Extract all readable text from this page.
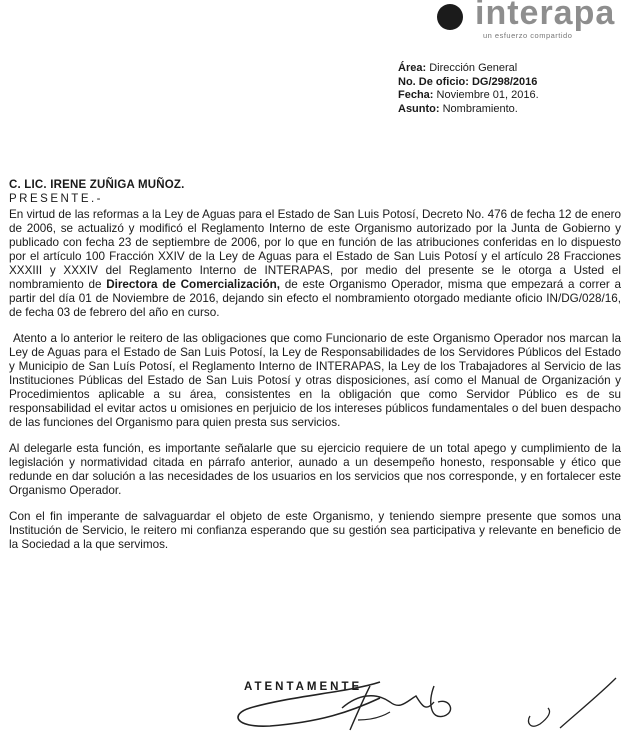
interapa
un esfuerzo compartido
Área: Dirección General
No. De oficio: DG/298/2016
Fecha: Noviembre 01, 2016.
Asunto: Nombramiento.
C. LIC. IRENE ZUÑIGA MUÑOZ.
PRESENTE.-

En virtud de las reformas a la Ley de Aguas para el Estado de San Luis Potosí, Decreto No. 476 de fecha 12 de enero de 2006, se actualizó y modificó el Reglamento Interno de este Organismo autorizado por la Junta de Gobierno y publicado con fecha 23 de septiembre de 2006, por lo que en función de las atribuciones conferidas en lo dispuesto por el artículo 100 Fracción XXIV de la Ley de Aguas para el Estado de San Luis Potosí y el artículo 28 Fracciones XXXIII y XXXIV del Reglamento Interno de INTERAPAS, por medio del presente se le otorga a Usted el nombramiento de Directora de Comercialización, de este Organismo Operador, misma que empezará a correr a partir del día 01 de Noviembre de 2016, dejando sin efecto el nombramiento otorgado mediante oficio IN/DG/028/16, de fecha 03 de febrero del año en curso.

Atento a lo anterior le reitero de las obligaciones que como Funcionario de este Organismo Operador nos marcan la Ley de Aguas para el Estado de San Luis Potosí, la Ley de Responsabilidades de los Servidores Públicos del Estado y Municipio de San Luís Potosí, el Reglamento Interno de INTERAPAS, la Ley de los Trabajadores al Servicio de las Instituciones Públicas del Estado de San Luis Potosí y otras disposiciones, así como el Manual de Organización y Procedimientos aplicable a su área, consistentes en la obligación que como Servidor Público es de su responsabilidad el evitar actos u omisiones en perjuicio de los intereses públicos fundamentales o del buen despacho de las funciones del Organismo para quien presta sus servicios.

Al delegarle esta función, es importante señalarle que su ejercicio requiere de un total apego y cumplimiento de la legislación y normatividad citada en párrafo anterior, aunado a un desempeño honesto, responsable y ético que redunde en dar solución a las necesidades de los usuarios en los servicios que nos corresponde, y en fortalecer este Organismo Operador.

Con el fin imperante de salvaguardar el objeto de este Organismo, y teniendo siempre presente que somos una Institución de Servicio, le reitero mi confianza esperando que su gestión sea participativa y relevante en beneficio de la Sociedad a la que servimos.

ATENTAMENTE
